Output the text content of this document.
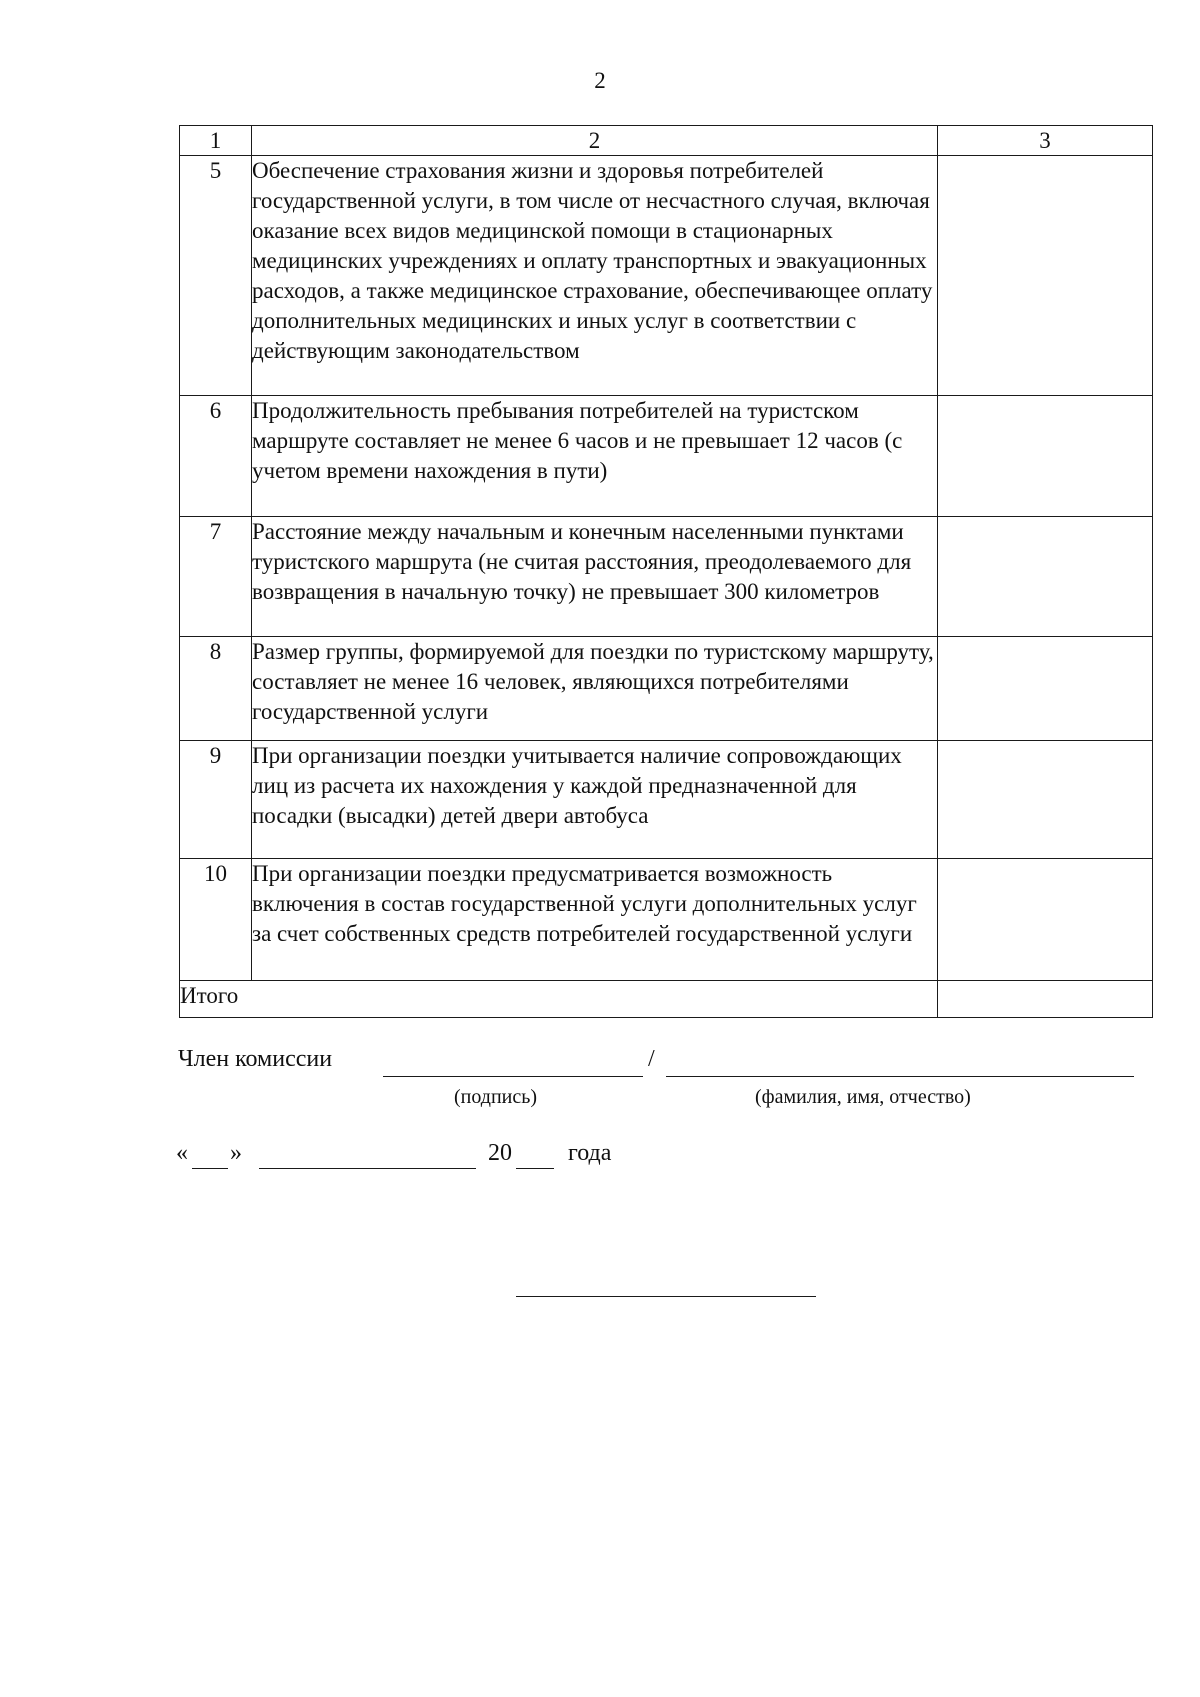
2
1	2	3
5	Обеспечение страхования жизни и здоровья потребителей государственной услуги, в том числе от несчастного случая, включая оказание всех видов медицинской помощи в стационарных медицинских учреждениях и оплату транспортных и эвакуационных расходов, а также медицинское страхование, обеспечивающее оплату дополнительных медицинских и иных услуг в соответствии с действующим законодательством	
6	Продолжительность пребывания потребителей на туристском маршруте составляет не менее 6 часов и не превышает 12 часов (с учетом времени нахождения в пути)	
7	Расстояние между начальным и конечным населенными пунктами туристского маршрута (не считая расстояния, преодолеваемого для возвращения в начальную точку) не превышает 300 километров	
8	Размер группы, формируемой для поездки по туристскому маршруту, составляет не менее 16 человек, являющихся потребителями государственной услуги	
9	При организации поездки учитывается наличие сопровождающих лиц из расчета их нахождения у каждой предназначенной для посадки (высадки) детей двери автобуса	
10	При организации поездки предусматривается возможность включения в состав государственной услуги дополнительных услуг за счет собственных средств потребителей государственной услуги	
Итого		
Член комиссии	/
(подпись)	(фамилия, имя, отчество)
« »	20 года
